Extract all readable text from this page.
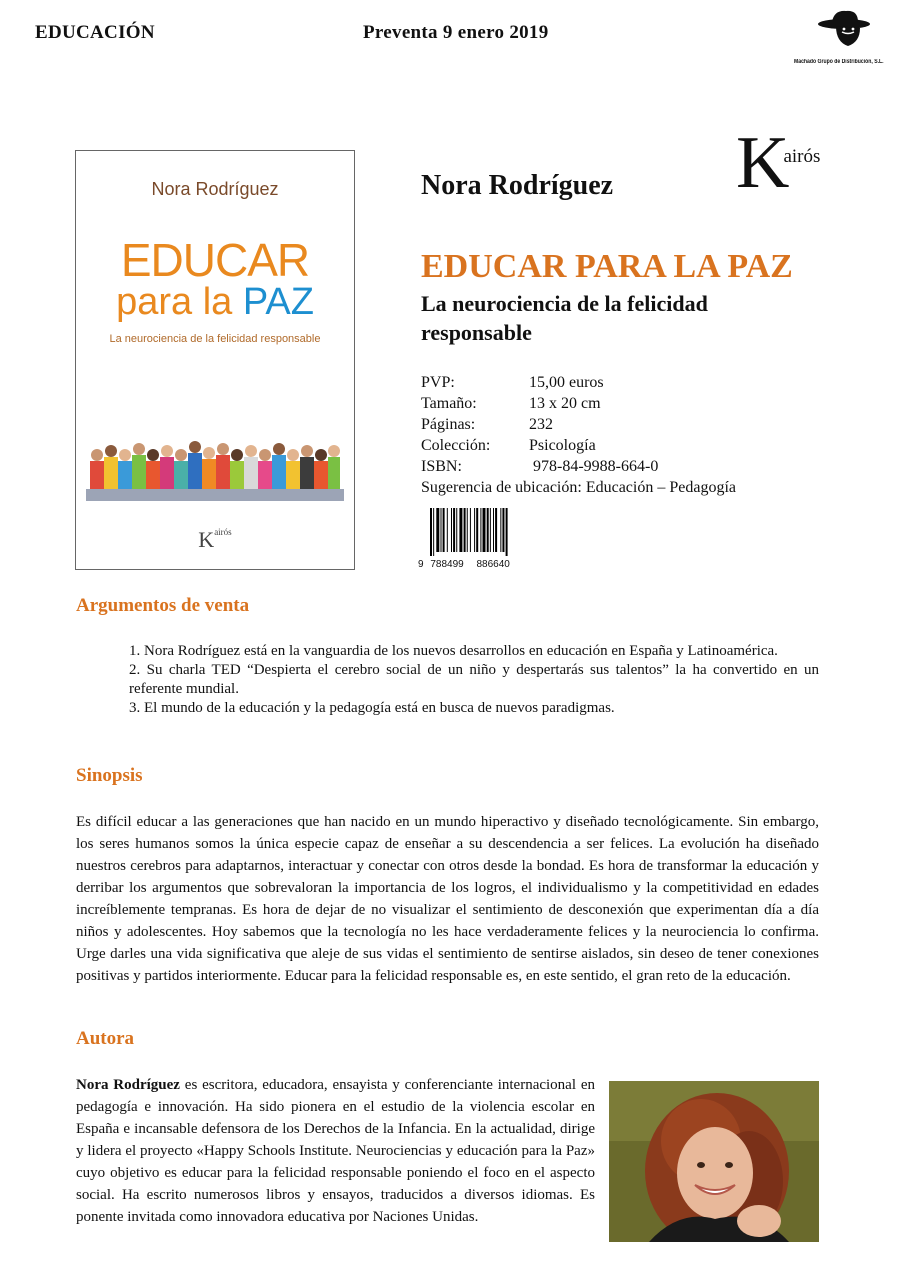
EDUCACIÓN	Preventa 9 enero 2019
Machado Grupo de Distribución, S.L.
Nora Rodríguez
EDUCAR
para la PAZ
La neurociencia de la felicidad responsable
$K^{airós}$
Kairós
Nora Rodríguez
EDUCAR PARA LA PAZ
La neurociencia de la felicidad responsable
PVP:	15,00 euros
Tamaño:	13 x 20 cm
Páginas:	232
Colección: Psicología
ISBN:	978-84-9988-664-0
Sugerencia de ubicación: Educación – Pedagogía
9 788499 886640
Argumentos de venta
1. Nora Rodríguez está en la vanguardia de los nuevos desarrollos en educación en España y Latinoamérica.
2. Su charla TED “Despierta el cerebro social de un niño y despertarás sus talentos” la ha convertido en un referente mundial.
3. El mundo de la educación y la pedagogía está en busca de nuevos paradigmas.
Sinopsis
Es difícil educar a las generaciones que han nacido en un mundo hiperactivo y diseñado tecnológicamente. Sin embargo, los seres humanos somos la única especie capaz de enseñar a su descendencia a ser felices. La evolución ha diseñado nuestros cerebros para adaptarnos, interactuar y conectar con otros desde la bondad. Es hora de transformar la educación y derribar los argumentos que sobrevaloran la importancia de los logros, el individualismo y la competitividad en edades increíblemente tempranas. Es hora de dejar de no visualizar el sentimiento de desconexión que experimentan día a día niños y adolescentes. Hoy sabemos que la tecnología no les hace verdaderamente felices y la neurociencia lo confirma. Urge darles una vida significativa que aleje de sus vidas el sentimiento de sentirse aislados, sin deseo de tener conexiones positivas y partidos interiormente. Educar para la felicidad responsable es, en este sentido, el gran reto de la educación.
Autora
Nora Rodríguez es escritora, educadora, ensayista y conferenciante internacional en pedagogía e innovación. Ha sido pionera en el estudio de la violencia escolar en España e incansable defensora de los Derechos de la Infancia. En la actualidad, dirige y lidera el proyecto «Happy Schools Institute. Neurociencias y educación para la Paz» cuyo objetivo es educar para la felicidad responsable poniendo el foco en el aspecto social. Ha escrito numerosos libros y ensayos, traducidos a diversos idiomas. Es ponente invitada como innovadora educativa por Naciones Unidas.
